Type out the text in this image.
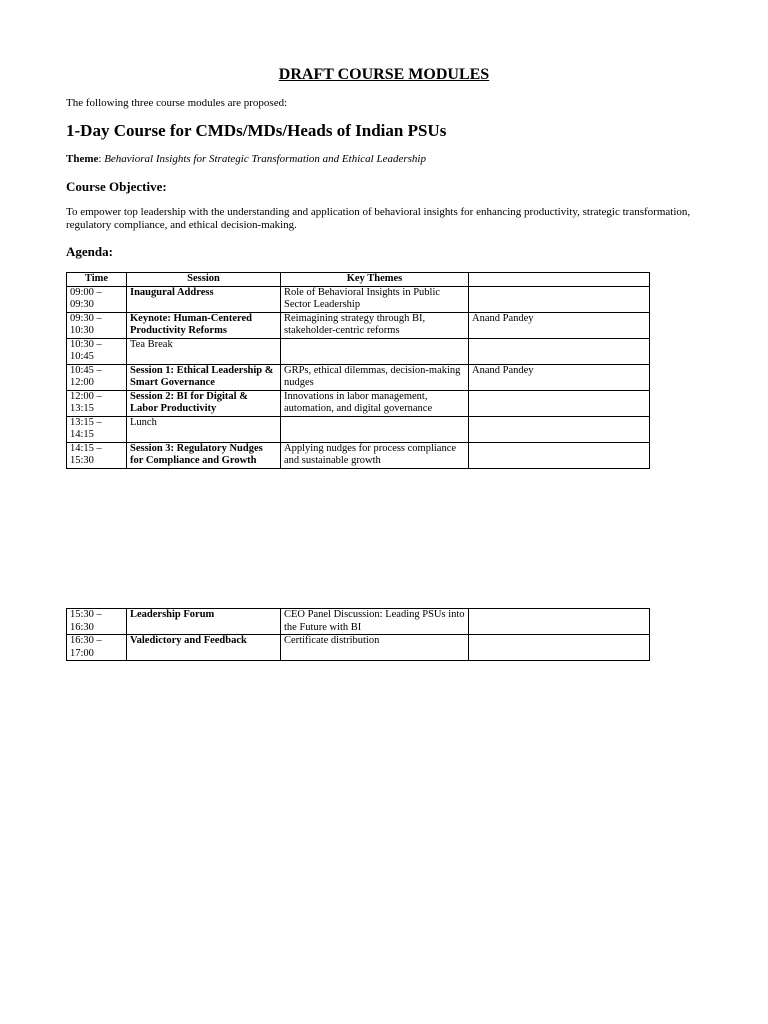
DRAFT COURSE MODULES
The following three course modules are proposed:
1-Day Course for CMDs/MDs/Heads of Indian PSUs
Theme: Behavioral Insights for Strategic Transformation and Ethical Leadership
Course Objective:
To empower top leadership with the understanding and application of behavioral insights for enhancing productivity, strategic transformation, regulatory compliance, and ethical decision-making.
Agenda:
Time	Session	Key Themes	
09:00 – 09:30	Inaugural Address	Role of Behavioral Insights in Public Sector Leadership	
09:30 – 10:30	Keynote: Human-Centered Productivity Reforms	Reimagining strategy through BI, stakeholder-centric reforms	Anand Pandey
10:30 – 10:45	Tea Break		
10:45 – 12:00	Session 1: Ethical Leadership & Smart Governance	GRPs, ethical dilemmas, decision-making nudges	Anand Pandey
12:00 – 13:15	Session 2: BI for Digital & Labor Productivity	Innovations in labor management, automation, and digital governance	
13:15 – 14:15	Lunch		
14:15 – 15:30	Session 3: Regulatory Nudges for Compliance and Growth	Applying nudges for process compliance and sustainable growth	
15:30 – 16:30	Leadership Forum	CEO Panel Discussion: Leading PSUs into the Future with BI	
16:30 – 17:00	Valedictory and Feedback	Certificate distribution	
